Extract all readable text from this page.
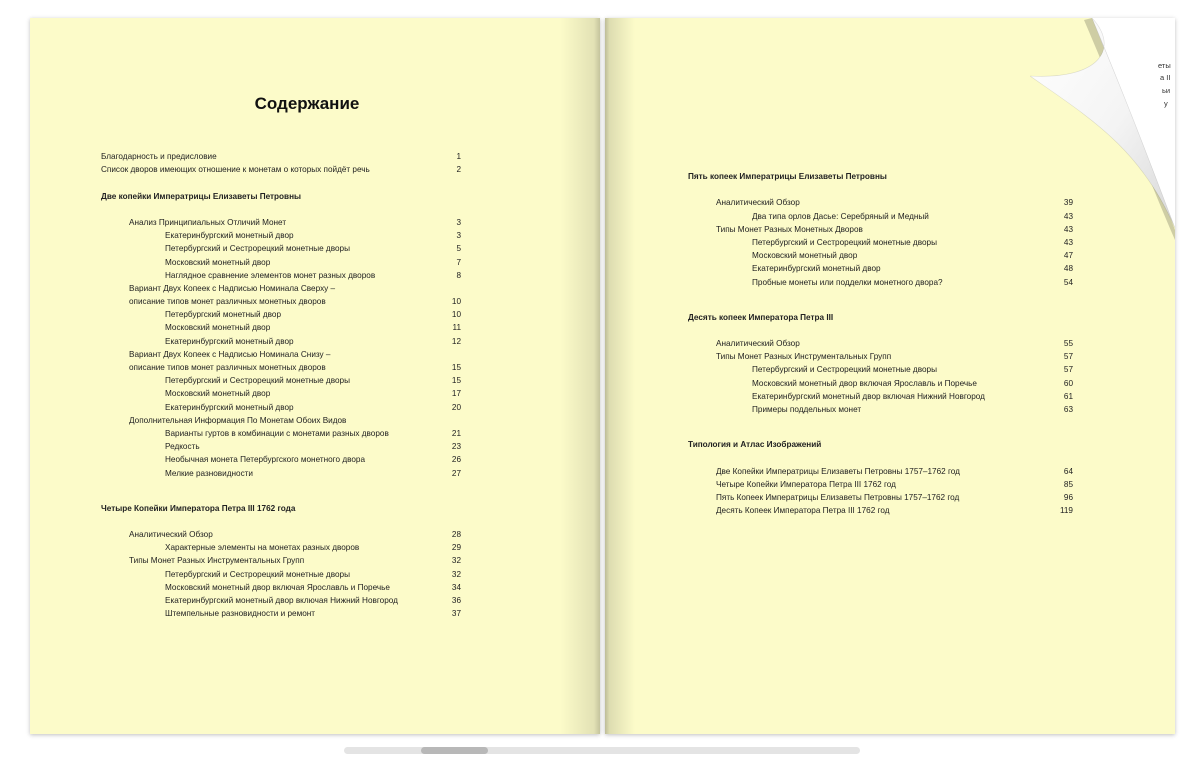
Содержание
Благодарность и предисловие	1
Список дворов имеющих отношение к монетам о которых пойдёт речь	2
Две копейки Императрицы Елизаветы Петровны
Анализ Принципиальных Отличий Монет	3
Екатеринбургский монетный двор	3
Петербургский и Сестрорецкий монетные дворы	5
Московский монетный двор	7
Наглядное сравнение элементов монет разных дворов	8
Вариант Двух Копеек с Надписью Номинала Сверху –
описание типов монет различных монетных дворов	10
Петербургский монетный двор	10
Московский монетный двор	11
Екатеринбургский монетный двор	12
Вариант Двух Копеек с Надписью Номинала Снизу –
описание типов монет различных монетных дворов	15
Петербургский и Сестрорецкий монетные дворы	15
Московский монетный двор	17
Екатеринбургский монетный двор	20
Дополнительная Информация По Монетам Обоих Видов
Варианты гуртов в комбинации с монетами разных дворов	21
Редкость	23
Необычная монета Петербургского монетного двора	26
Мелкие разновидности	27
Четыре Копейки Императора Петра III 1762 года
Аналитический Обзор	28
Характерные элементы на монетах разных дворов	29
Типы Монет Разных Инструментальных Групп	32
Петербургский и Сестрорецкий монетные дворы	32
Московский монетный двор включая Ярославль и Поречье	34
Екатеринбургский монетный двор включая Нижний Новгород	36
Штемпельные разновидности и ремонт	37
Пять копеек Императрицы Елизаветы Петровны
Аналитический Обзор	39
Два типа орлов Дасье: Серебряный и Медный	43
Типы Монет Разных Монетных Дворов	43
Петербургский и Сестрорецкий монетные дворы	43
Московский монетный двор	47
Екатеринбургский монетный двор	48
Пробные монеты или подделки монетного двора?	54
Десять копеек Императора Петра III
Аналитический Обзор	55
Типы Монет Разных Инструментальных Групп	57
Петербургский и Сестрорецкий монетные дворы	57
Московский монетный двор включая Ярославль и Поречье	60
Екатеринбургский монетный двор включая Нижний Новгород	61
Примеры поддельных монет	63
Типология и Атлас Изображений
Две Копейки Императрицы Елизаветы Петровны 1757–1762 год	64
Четыре Копейки Императора Петра III 1762 год	85
Пять Копеек Императрицы Елизаветы Петровны 1757–1762 год	96
Десять Копеек Императора Петра III 1762 год	119
еты
а II
ьи
у
